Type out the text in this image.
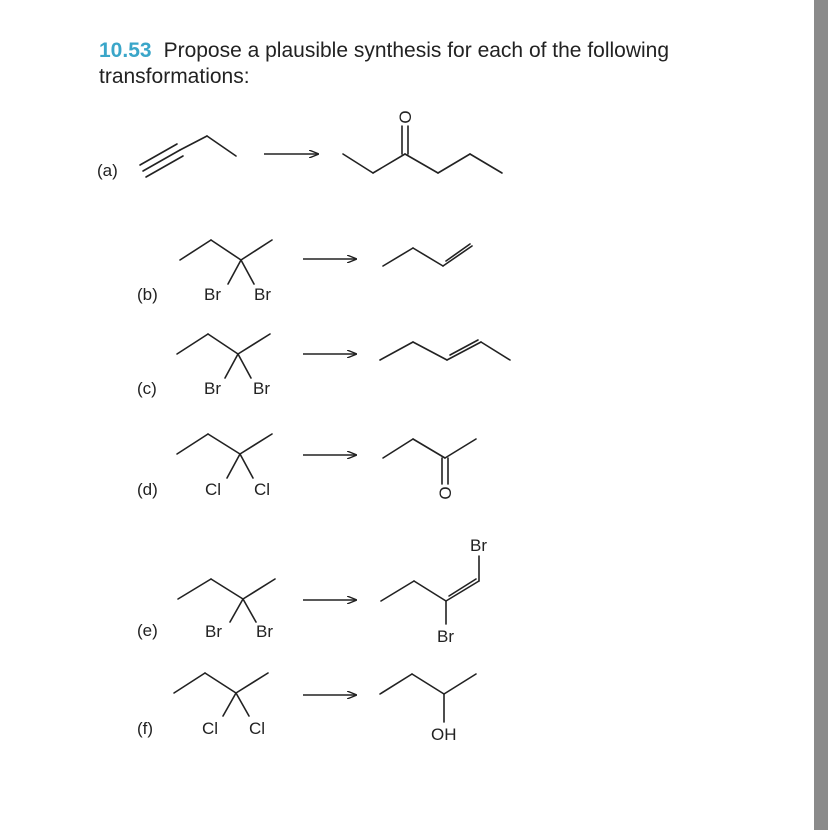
10.53 Propose a plausible synthesis for each of the following transformations:
(a)
O
(b)	Br Br
(c)	Br Br
(d)	Cl Cl	O
(e)	Br Br
Br
Br
(f)	Cl Cl	OH
